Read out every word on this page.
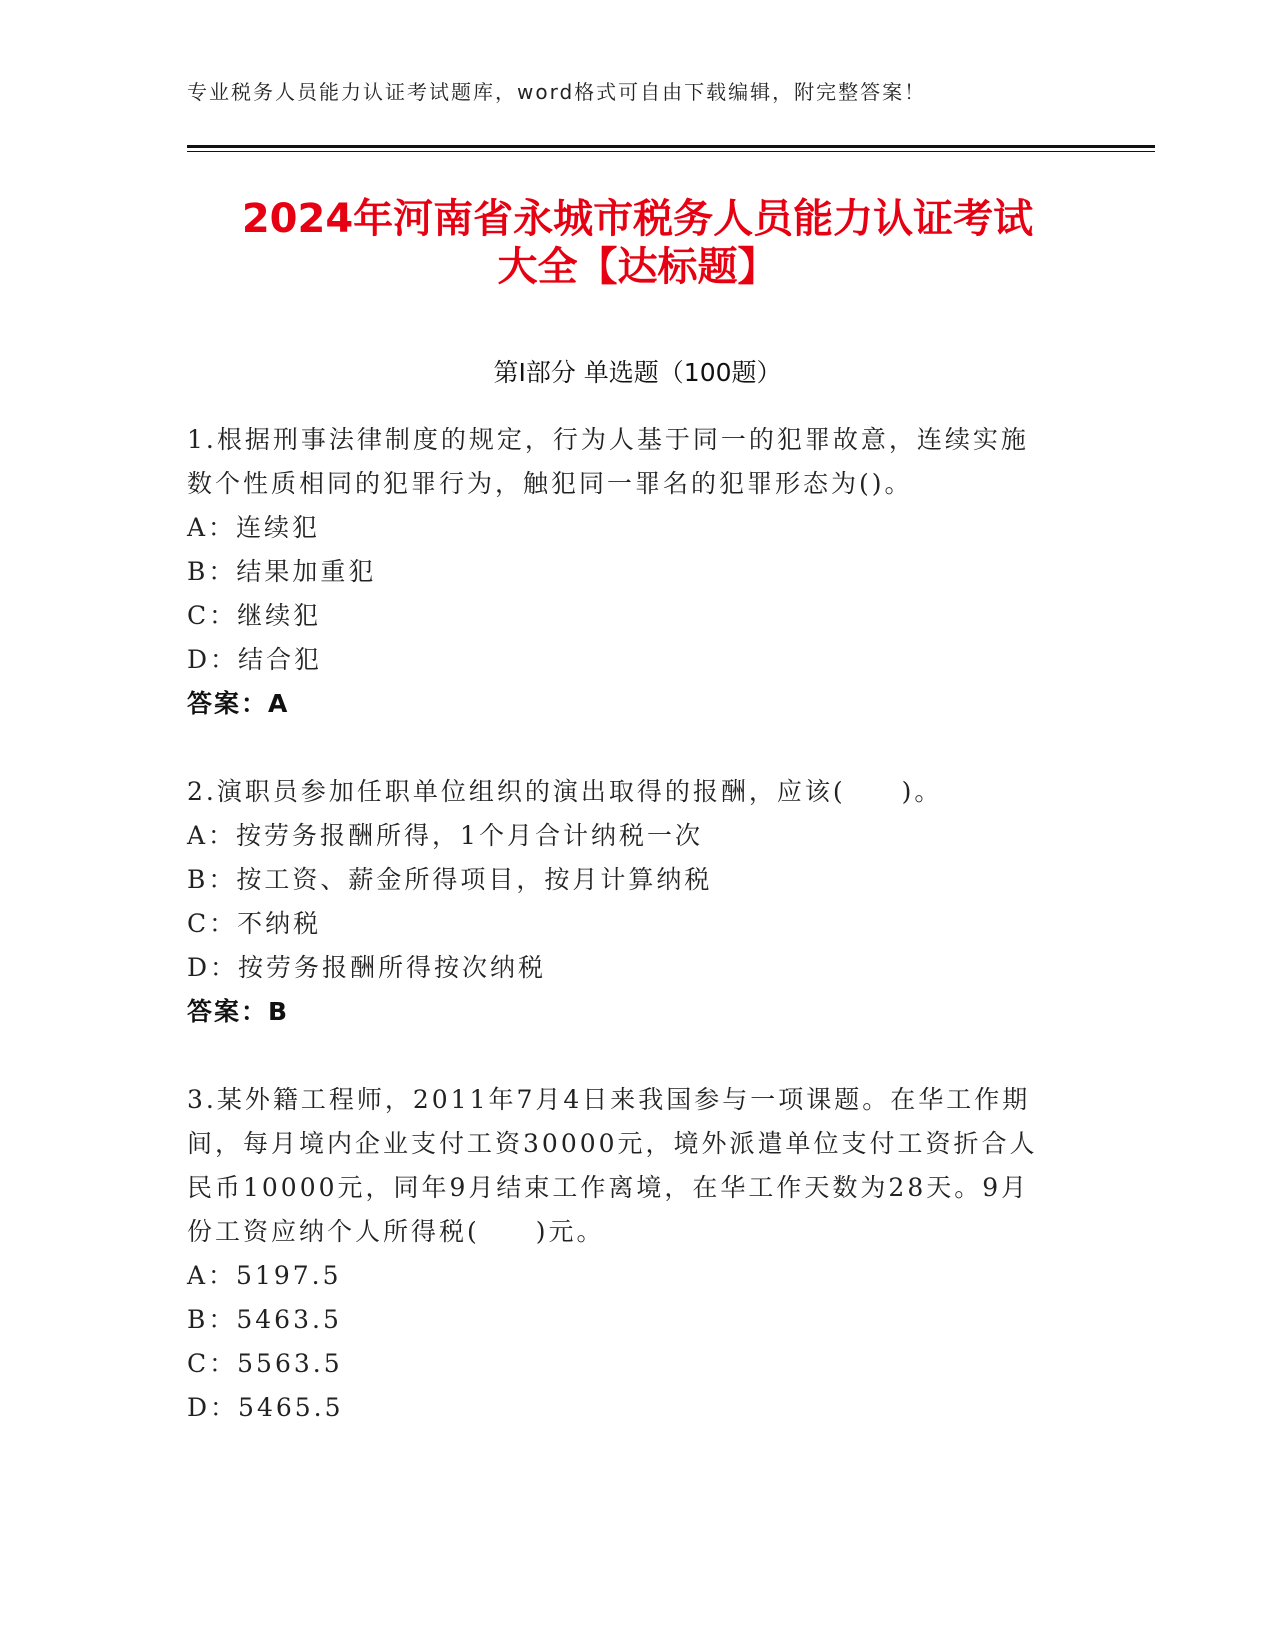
专业税务人员能力认证考试题库，word格式可自由下载编辑，附完整答案！
2024年河南省永城市税务人员能力认证考试
大全【达标题】
第Ⅰ部分 单选题（100题）
1.根据刑事法律制度的规定，行为人基于同一的犯罪故意，连续实施
数个性质相同的犯罪行为，触犯同一罪名的犯罪形态为()。
A：连续犯
B：结果加重犯
C：继续犯
D：结合犯
答案：A
2.演职员参加任职单位组织的演出取得的报酬，应该(　　)。
A：按劳务报酬所得，1个月合计纳税一次
B：按工资、薪金所得项目，按月计算纳税
C：不纳税
D：按劳务报酬所得按次纳税
答案：B
3.某外籍工程师，2011年7月4日来我国参与一项课题。在华工作期
间，每月境内企业支付工资30000元，境外派遣单位支付工资折合人
民币10000元，同年9月结束工作离境，在华工作天数为28天。9月
份工资应纳个人所得税(　　)元。
A：5197.5
B：5463.5
C：5563.5
D：5465.5
